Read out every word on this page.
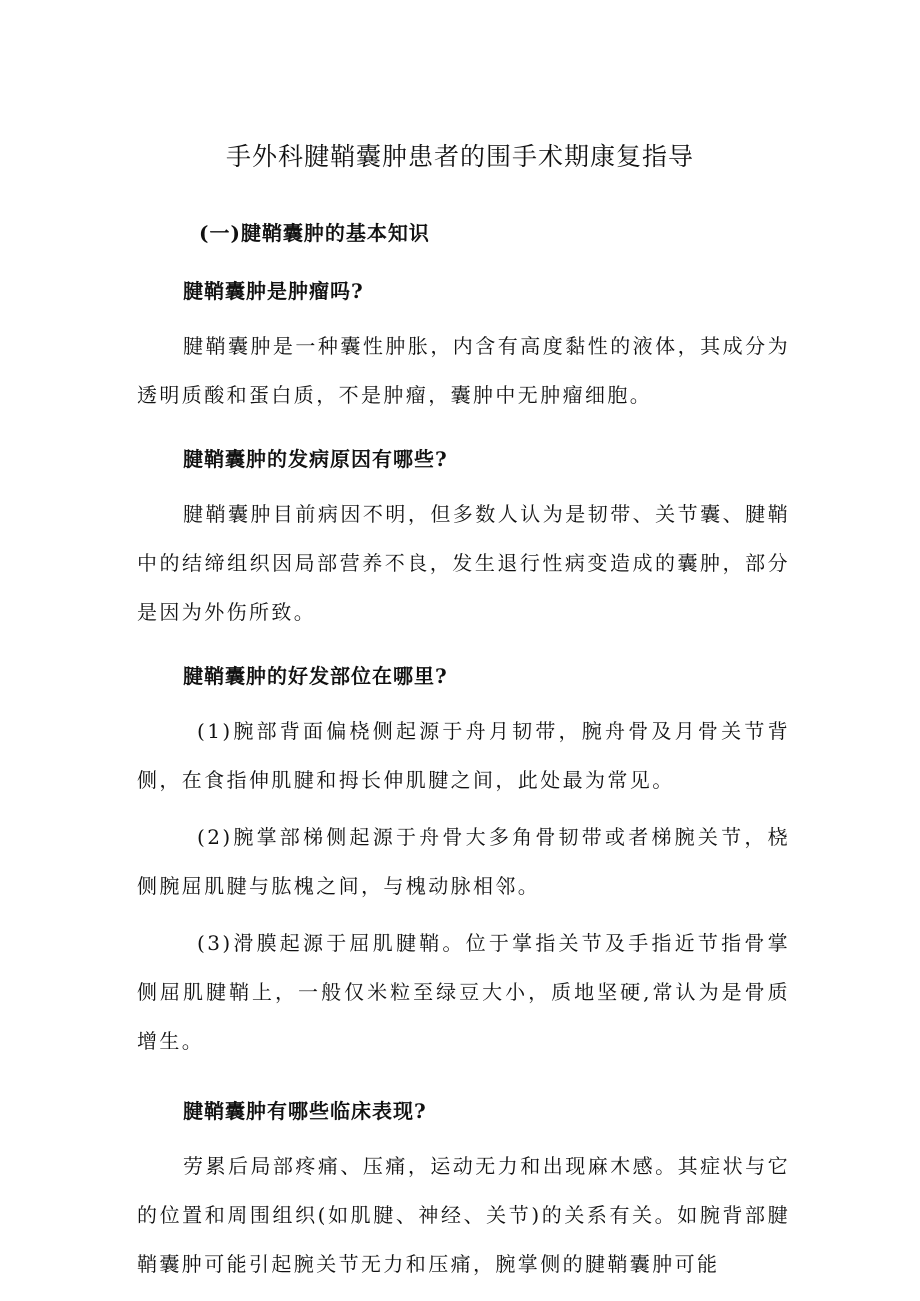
手外科腱鞘囊肿患者的围手术期康复指导

(一)腱鞘囊肿的基本知识

腱鞘囊肿是肿瘤吗?

腱鞘囊肿是一种囊性肿胀，内含有高度黏性的液体，其成分为透明质酸和蛋白质，不是肿瘤，囊肿中无肿瘤细胞。

腱鞘囊肿的发病原因有哪些?

腱鞘囊肿目前病因不明，但多数人认为是韧带、关节囊、腱鞘中的结缔组织因局部营养不良，发生退行性病变造成的囊肿，部分是因为外伤所致。

腱鞘囊肿的好发部位在哪里?

(1)腕部背面偏桡侧起源于舟月韧带，腕舟骨及月骨关节背侧，在食指伸肌腱和拇长伸肌腱之间，此处最为常见。

(2)腕掌部梯侧起源于舟骨大多角骨韧带或者梯腕关节，桡侧腕屈肌腱与肱槐之间，与槐动脉相邻。

(3)滑膜起源于屈肌腱鞘。位于掌指关节及手指近节指骨掌侧屈肌腱鞘上，一般仅米粒至绿豆大小，质地坚硬,常认为是骨质增生。

腱鞘囊肿有哪些临床表现?

劳累后局部疼痛、压痛，运动无力和出现麻木感。其症状与它的位置和周围组织(如肌腱、神经、关节)的关系有关。如腕背部腱鞘囊肿可能引起腕关节无力和压痛，腕掌侧的腱鞘囊肿可能
